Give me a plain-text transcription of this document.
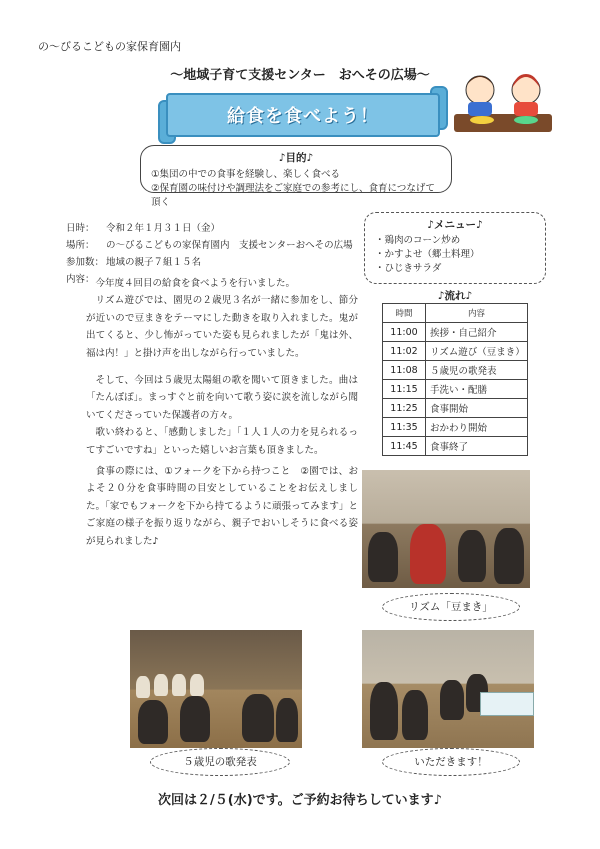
の〜びるこどもの家保育園内
〜地域子育て支援センター　おへその広場〜
給食を食べよう！
♪目的♪
①集団の中での食事を経験し、楽しく食べる
②保育園の味付けや調理法をご家庭での参考にし、食育につなげて頂く
日時：	令和２年１月３１日（金）
場所：	の〜びるこどもの家保育園内　支援センターおへその広場
参加数： 地域の親子７組１５名
内容： 今年度４回目の給食を食べようを行いました。

リズム遊びでは、園児の２歳児３名が一緒に参加をし、節分が近いので豆まきをテーマにした動きを取り入れました。鬼が出てくると、少し怖がっていた姿も見られましたが「鬼は外、福は内！」と掛け声を出しながら行っていました。

そして、今回は５歳児太陽組の歌を聞いて頂きました。曲は「たんぽぽ」。まっすぐと前を向いて歌う姿に涙を流しながら聞いてくださっていた保護者の方々。

歌い終わると、「感動しました」「１人１人の力を見られるってすごいですね」といった嬉しいお言葉も頂きました。

食事の際には、①フォークを下から持つこと　②園では、およそ２０分を食事時間の目安としていることをお伝えしました。「家でもフォークを下から持てるように頑張ってみます」とご家庭の様子を振り返りながら、親子でおいしそうに食べる姿が見られました♪

♪メニュー♪
・鶏肉のコーン炒め
・かすよせ（郷土料理）
・ひじきサラダ
♪流れ♪
時間	内容
11:00	挨拶・自己紹介
11:02	リズム遊び（豆まき）
11:08	５歳児の歌発表
11:15	手洗い・配膳
11:25	食事開始
11:35	おかわり開始
11:45	食事終了
リズム「豆まき」
５歳児の歌発表	いただきます！
次回は２/５(水)です。ご予約お待ちしています♪
